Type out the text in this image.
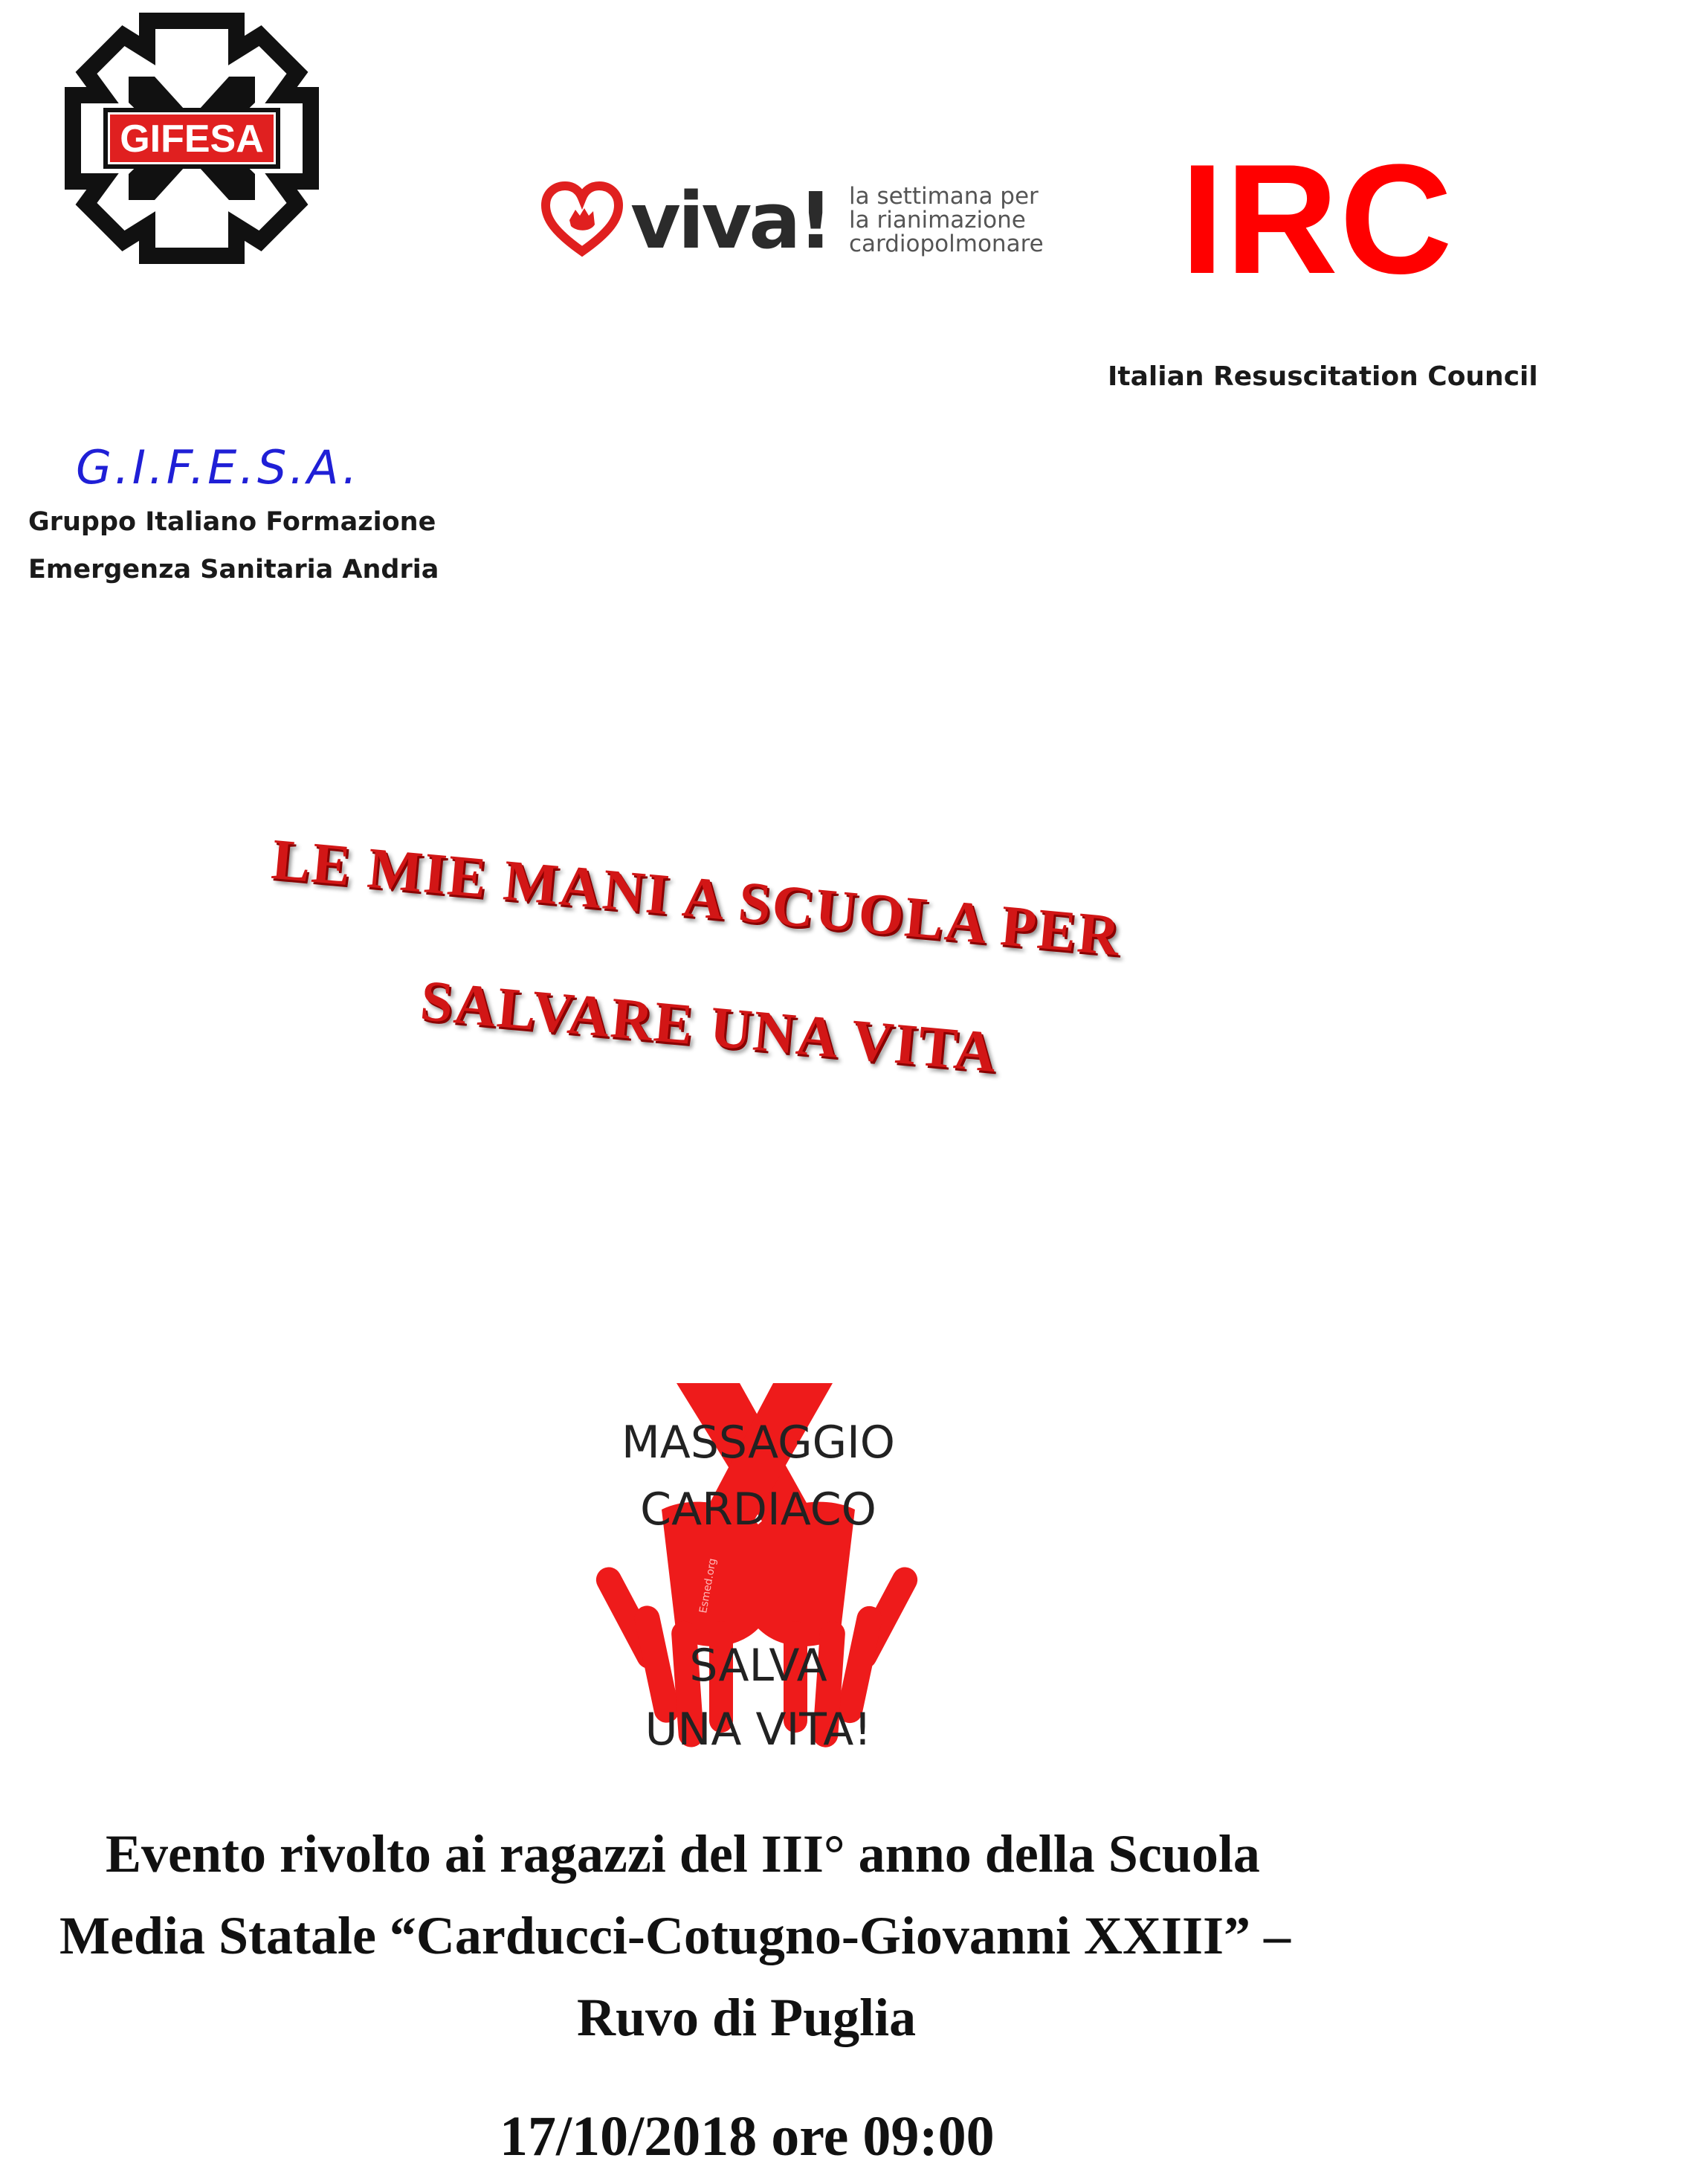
GIFESA
viva! la settimana per
la rianimazione
cardiopolmonare IRC
Italian Resuscitation Council
G.I.F.E.S.A.
Gruppo Italiano Formazione
Emergenza Sanitaria Andria
LE MIE MANI A SCUOLA PER
SALVARE UNA VITA
MASSAGGIO
CARDIACO
SALVA
UNA VITA!
Esmed.org
Evento rivolto ai ragazzi del III° anno della Scuola
Media Statale “Carducci-Cotugno-Giovanni XXIII” –
Ruvo di Puglia
17/10/2018 ore 09:00
